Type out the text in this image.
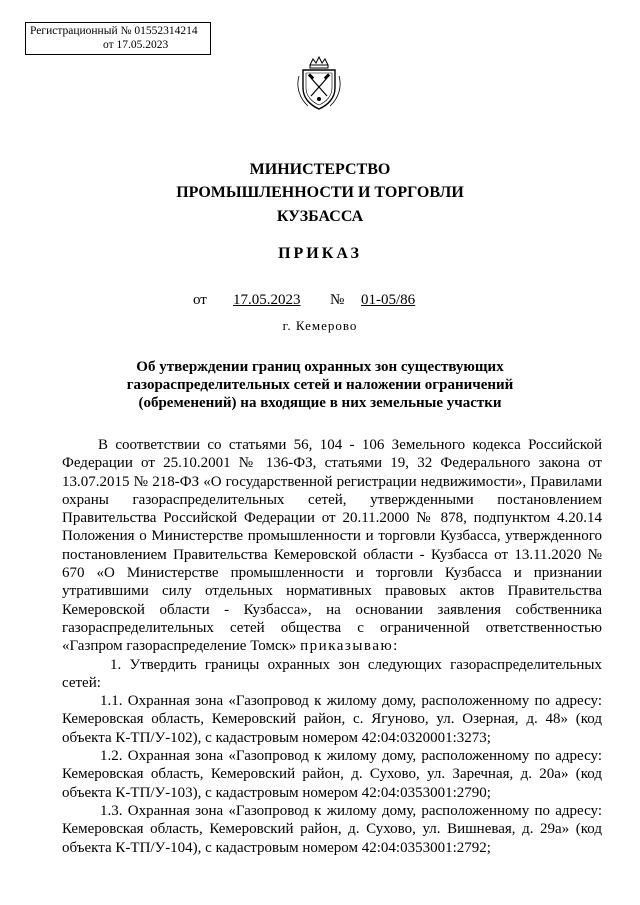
Регистрационный № 01552314214
от 17.05.2023
МИНИСТЕРСТВО
ПРОМЫШЛЕННОСТИ И ТОРГОВЛИ
КУЗБАССА
ПРИКАЗ
от 17.05.2023 № 01-05/86
г. Кемерово
Об утверждении границ охранных зон существующих
газораспределительных сетей и наложении ограничений
(обременений) на входящие в них земельные участки

В соответствии со статьями 56, 104 - 106 Земельного кодекса Российской Федерации от 25.10.2001 № 136-ФЗ, статьями 19, 32 Федерального закона от 13.07.2015 № 218-ФЗ «О государственной регистрации недвижимости», Правилами охраны газораспределительных сетей, утвержденными постановлением Правительства Российской Федерации от 20.11.2000 № 878, подпунктом 4.20.14 Положения о Министерстве промышленности и торговли Кузбасса, утвержденного постановлением Правительства Кемеровской области - Кузбасса от 13.11.2020 № 670 «О Министерстве промышленности и торговли Кузбасса и признании утратившими силу отдельных нормативных правовых актов Правительства Кемеровской области - Кузбасса», на основании заявления собственника газораспределительных сетей общества с ограниченной ответственностью «Газпром газораспределение Томск» приказываю:

1. Утвердить границы охранных зон следующих газораспределительных сетей:

1.1. Охранная зона «Газопровод к жилому дому, расположенному по адресу: Кемеровская область, Кемеровский район, с. Ягуново, ул. Озерная, д. 48» (код объекта К-ТП/У-102), с кадастровым номером 42:04:0320001:3273;

1.2. Охранная зона «Газопровод к жилому дому, расположенному по адресу: Кемеровская область, Кемеровский район, д. Сухово, ул. Заречная, д. 20а» (код объекта К-ТП/У-103), с кадастровым номером 42:04:0353001:2790;

1.3. Охранная зона «Газопровод к жилому дому, расположенному по адресу: Кемеровская область, Кемеровский район, д. Сухово, ул. Вишневая, д. 29а» (код объекта К-ТП/У-104), с кадастровым номером 42:04:0353001:2792;
